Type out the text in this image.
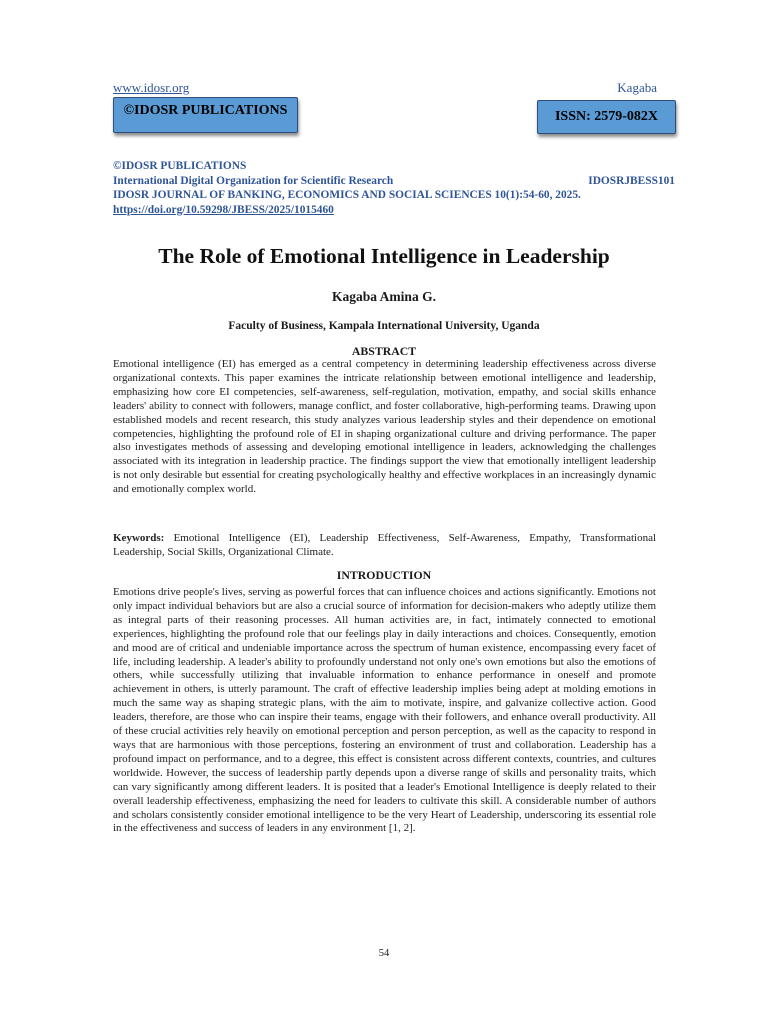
www.idosr.org	Kagaba
©IDOSR PUBLICATIONS	ISSN: 2579-082X
©IDOSR PUBLICATIONS
International Digital Organization for Scientific Research	IDOSRJBESS101
IDOSR JOURNAL OF BANKING, ECONOMICS AND SOCIAL SCIENCES 10(1):54-60, 2025.
https://doi.org/10.59298/JBESS/2025/1015460
The Role of Emotional Intelligence in Leadership
Kagaba Amina G.
Faculty of Business, Kampala International University, Uganda
ABSTRACT
Emotional intelligence (EI) has emerged as a central competency in determining leadership effectiveness across diverse organizational contexts. This paper examines the intricate relationship between emotional intelligence and leadership, emphasizing how core EI competencies, self-awareness, self-regulation, motivation, empathy, and social skills enhance leaders' ability to connect with followers, manage conflict, and foster collaborative, high-performing teams. Drawing upon established models and recent research, this study analyzes various leadership styles and their dependence on emotional competencies, highlighting the profound role of EI in shaping organizational culture and driving performance. The paper also investigates methods of assessing and developing emotional intelligence in leaders, acknowledging the challenges associated with its integration in leadership practice. The findings support the view that emotionally intelligent leadership is not only desirable but essential for creating psychologically healthy and effective workplaces in an increasingly dynamic and emotionally complex world.
Keywords: Emotional Intelligence (EI), Leadership Effectiveness, Self-Awareness, Empathy, Transformational Leadership, Social Skills, Organizational Climate.
INTRODUCTION
Emotions drive people's lives, serving as powerful forces that can influence choices and actions significantly. Emotions not only impact individual behaviors but are also a crucial source of information for decision-makers who adeptly utilize them as integral parts of their reasoning processes. All human activities are, in fact, intimately connected to emotional experiences, highlighting the profound role that our feelings play in daily interactions and choices. Consequently, emotion and mood are of critical and undeniable importance across the spectrum of human existence, encompassing every facet of life, including leadership. A leader's ability to profoundly understand not only one's own emotions but also the emotions of others, while successfully utilizing that invaluable information to enhance performance in oneself and promote achievement in others, is utterly paramount. The craft of effective leadership implies being adept at molding emotions in much the same way as shaping strategic plans, with the aim to motivate, inspire, and galvanize collective action. Good leaders, therefore, are those who can inspire their teams, engage with their followers, and enhance overall productivity. All of these crucial activities rely heavily on emotional perception and person perception, as well as the capacity to respond in ways that are harmonious with those perceptions, fostering an environment of trust and collaboration. Leadership has a profound impact on performance, and to a degree, this effect is consistent across different contexts, countries, and cultures worldwide. However, the success of leadership partly depends upon a diverse range of skills and personality traits, which can vary significantly among different leaders. It is posited that a leader's Emotional Intelligence is deeply related to their overall leadership effectiveness, emphasizing the need for leaders to cultivate this skill. A considerable number of authors and scholars consistently consider emotional intelligence to be the very Heart of Leadership, underscoring its essential role in the effectiveness and success of leaders in any environment [1, 2].
54
